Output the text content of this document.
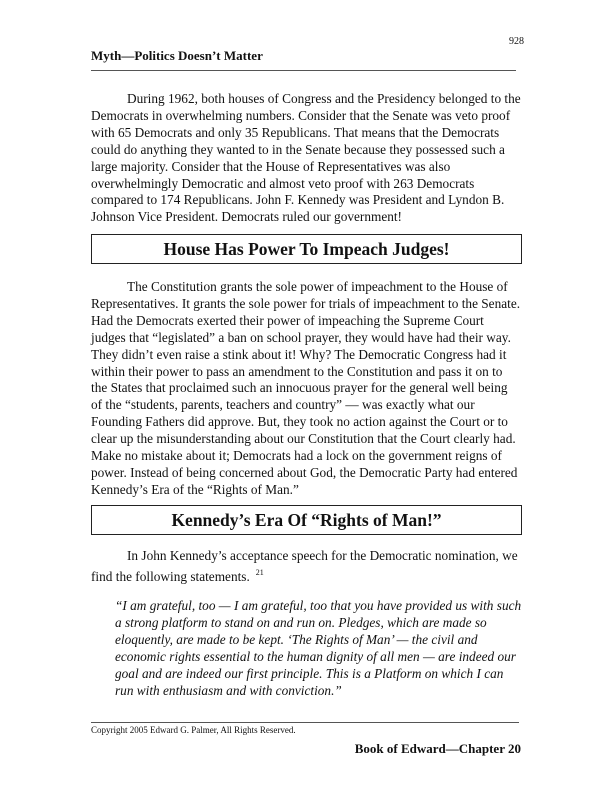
928
Myth—Politics Doesn’t Matter

During 1962, both houses of Congress and the Presidency belonged to the Democrats in overwhelming numbers. Consider that the Senate was veto proof with 65 Democrats and only 35 Republicans. That means that the Democrats could do anything they wanted to in the Senate because they possessed such a large majority. Consider that the House of Representatives was also overwhelmingly Democratic and almost veto proof with 263 Democrats compared to 174 Republicans. John F. Kennedy was President and Lyndon B. Johnson Vice President. Democrats ruled our government!

House Has Power To Impeach Judges!

The Constitution grants the sole power of impeachment to the House of Representatives. It grants the sole power for trials of impeachment to the Senate. Had the Democrats exerted their power of impeaching the Supreme Court judges that “legislated” a ban on school prayer, they would have had their way. They didn’t even raise a stink about it! Why? The Democratic Congress had it within their power to pass an amendment to the Constitution and pass it on to the States that proclaimed such an innocuous prayer for the general well being of the “students, parents, teachers and country” — was exactly what our Founding Fathers did approve. But, they took no action against the Court or to clear up the misunderstanding about our Constitution that the Court clearly had. Make no mistake about it; Democrats had a lock on the government reigns of power. Instead of being concerned about God, the Democratic Party had entered Kennedy’s Era of the “Rights of Man.”

Kennedy’s Era Of “Rights of Man!”

In John Kennedy’s acceptance speech for the Democratic nomination, we find the following statements. $^{21}$

“I am grateful, too — I am grateful, too that you have provided us with such a strong platform to stand on and run on. Pledges, which are made so eloquently, are made to be kept. ‘The Rights of Man’ — the civil and economic rights essential to the human dignity of all men — are indeed our goal and are indeed our first principle. This is a Platform on which I can run with enthusiasm and with conviction.”

Copyright 2005 Edward G. Palmer, All Rights Reserved.
Book of Edward—Chapter 20
